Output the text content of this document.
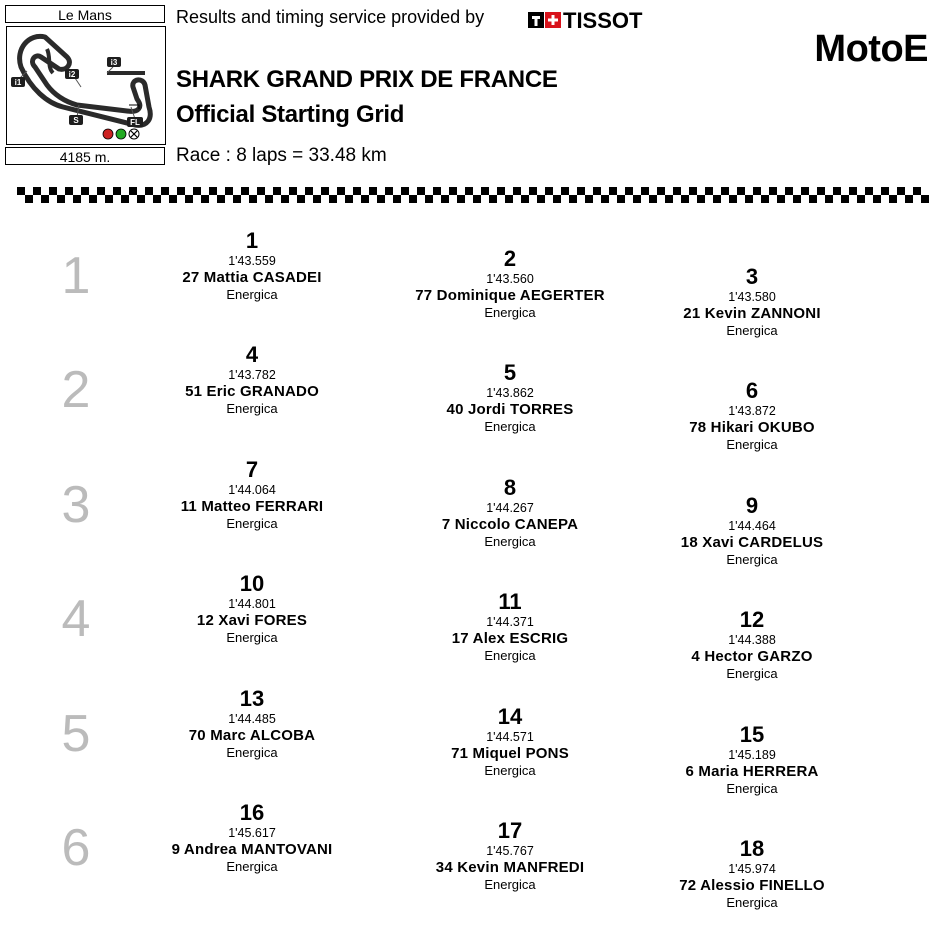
Le Mans
i1
i2
i3
S	FL
4185 m.
Results and timing service provided by	TISSOT
MotoE
SHARK GRAND PRIX DE FRANCE
Official Starting Grid
Race : 8 laps = 33.48 km
1
2
3
4
5
6
1
1'43.559
27 Mattia CASADEI
Energica
2
1'43.560
77 Dominique AEGERTER
Energica
3
1'43.580
21 Kevin ZANNONI
Energica
4
1'43.782
51 Eric GRANADO
Energica
5
1'43.862
40 Jordi TORRES
Energica
6
1'43.872
78 Hikari OKUBO
Energica
7
1'44.064
11 Matteo FERRARI
Energica
8
1'44.267
7 Niccolo CANEPA
Energica
9
1'44.464
18 Xavi CARDELUS
Energica
10
1'44.801
12 Xavi FORES
Energica
11
1'44.371
17 Alex ESCRIG
Energica
12
1'44.388
4 Hector GARZO
Energica
13
1'44.485
70 Marc ALCOBA
Energica
14
1'44.571
71 Miquel PONS
Energica
15
1'45.189
6 Maria HERRERA
Energica
16
1'45.617
9 Andrea MANTOVANI
Energica
17
1'45.767
34 Kevin MANFREDI
Energica
18
1'45.974
72 Alessio FINELLO
Energica
